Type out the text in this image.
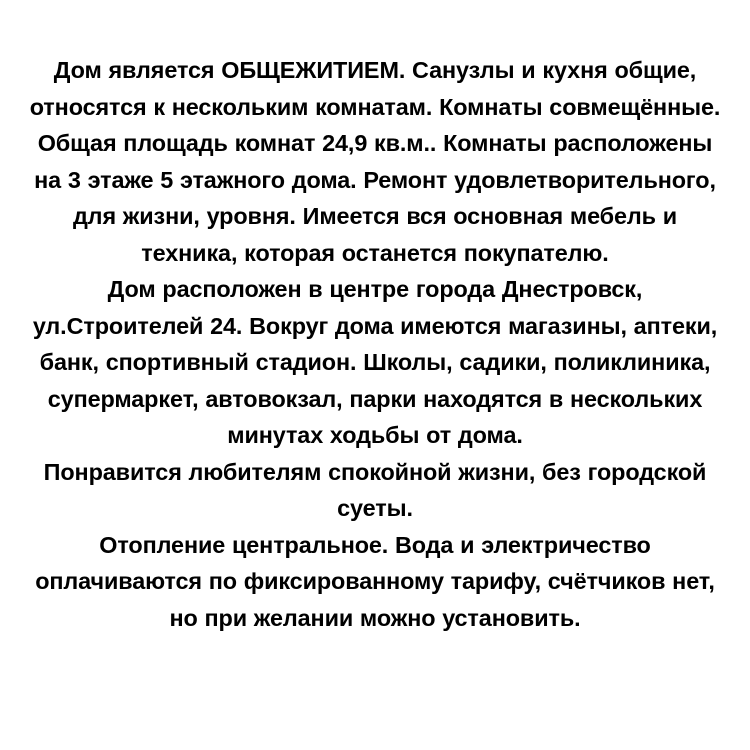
Дом является ОБЩЕЖИТИЕМ. Санузлы и кухня общие, относятся к нескольким комнатам. Комнаты совмещённые. Общая площадь комнат 24,9 кв.м.. Комнаты расположены на 3 этаже 5 этажного дома. Ремонт удовлетворительного, для жизни, уровня. Имеется вся основная мебель и техника, которая останется покупателю.

Дом расположен в центре города Днестровск, ул.Строителей 24. Вокруг дома имеются магазины, аптеки, банк, спортивный стадион. Школы, садики, поликлиника, супермаркет, автовокзал, парки находятся в нескольких минутах ходьбы от дома.

Понравится любителям спокойной жизни, без городской суеты.

Отопление центральное. Вода и электричество оплачиваются по фиксированному тарифу, счётчиков нет, но при желании можно установить.
